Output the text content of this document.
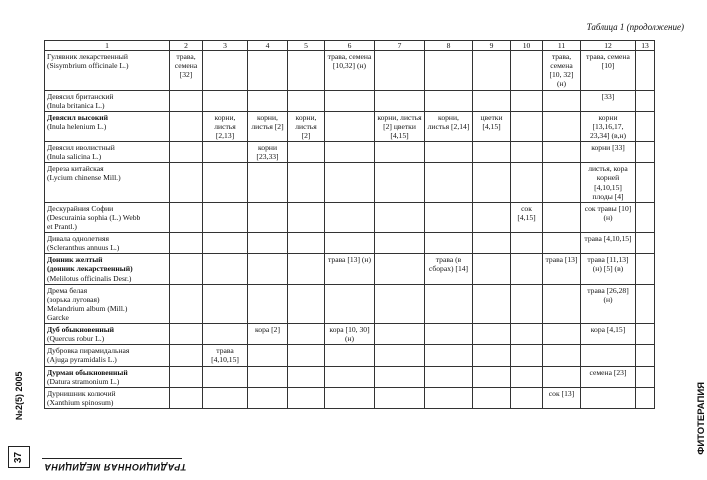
Таблица 1 (продолжение)
1	2	3	4	5	6	7	8	9	10	11	12	13

Гулявник лекарственный
(Sisymbrium officinale L.)	трава, семена [32]				трава, семена [10,32] (н)					трава, семена [10, 32] (н)	трава, семена [10]	

Девясил британский
(Inula britanica L.)											[33]	

Девясил высокий
(Inula helenium L.)		корни, листья [2,13]	корни, листья [2]	корни, листья [2]		корни, листья [2] цветки [4,15]	корни, листья [2,14]	цветки [4,15]			корни [13,16,17, 23,34] (в,н)	

Девясил иволистный
(Inula salicina L.)			корни [23,33]								корни [33]	

Дереза китайская
(Lycium chinense Mill.)											листья, кора корней [4,10,15] плоды [4]	

Дескурайния Софии
(Descurainia sophia (L.) Webb
et Prantl.)									сок [4,15]		сок травы [10] (н)	

Дивала однолетняя
(Scleranthus annuus L.)											трава [4,10,15]	

Донник желтый
(донник лекарственный)
(Melilotus officinalis Desr.)					трава [13] (н)		трава (в сборах) [14]			трава [13]	трава [11,13] (н) [5] (в)	

Дрема белая
(зорька луговая)
Melandrium album (Mill.)
Garcke											трава [26,28] (н)	

Дуб обыкновенный
(Quercus robur L.)			кора [2]		кора [10, 30] (н)						кора [4,15]	

Дубровка пирамидальная
(Ajuga pyramidalis L.)		трава [4,10,15]										

Дурман обыкновенный
(Datura stramonium L.)											семена [23]	

Дурнишник колючий
(Xanthium spinosum)										сок [13]		
№2(5) 2005
37
ТРАДИЦИОННАЯ МЕДИЦИНА
ФИТОТЕРАПИЯ
